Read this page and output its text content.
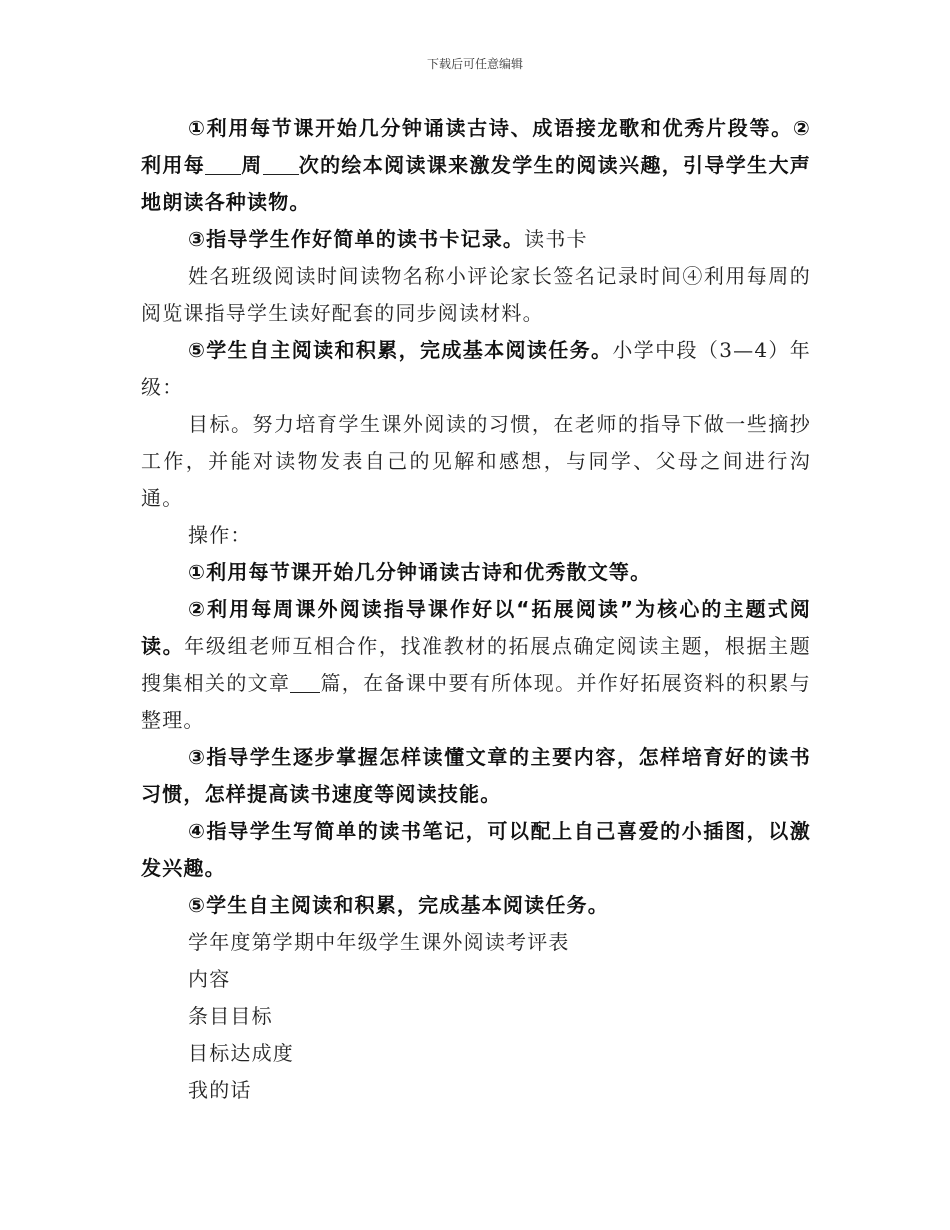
下载后可任意编辑

①利用每节课开始几分钟诵读古诗、成语接龙歌和优秀片段等。②利用每 周 次的绘本阅读课来激发学生的阅读兴趣，引导学生大声地朗读各种读物。

③指导学生作好简单的读书卡记录。读书卡

姓名班级阅读时间读物名称小评论家长签名记录时间④利用每周的阅览课指导学生读好配套的同步阅读材料。

⑤学生自主阅读和积累，完成基本阅读任务。小学中段（3—4）年级：

目标。努力培育学生课外阅读的习惯，在老师的指导下做一些摘抄工作，并能对读物发表自己的见解和感想，与同学、父母之间进行沟通。

操作：

①利用每节课开始几分钟诵读古诗和优秀散文等。

②利用每周课外阅读指导课作好以“拓展阅读”为核心的主题式阅读。年级组老师互相合作，找准教材的拓展点确定阅读主题，根据主题搜集相关的文章 篇，在备课中要有所体现。并作好拓展资料的积累与整理。

③指导学生逐步掌握怎样读懂文章的主要内容，怎样培育好的读书习惯，怎样提高读书速度等阅读技能。

④指导学生写简单的读书笔记，可以配上自己喜爱的小插图，以激发兴趣。

⑤学生自主阅读和积累，完成基本阅读任务。

学年度第学期中年级学生课外阅读考评表

内容

条目目标

目标达成度

我的话
